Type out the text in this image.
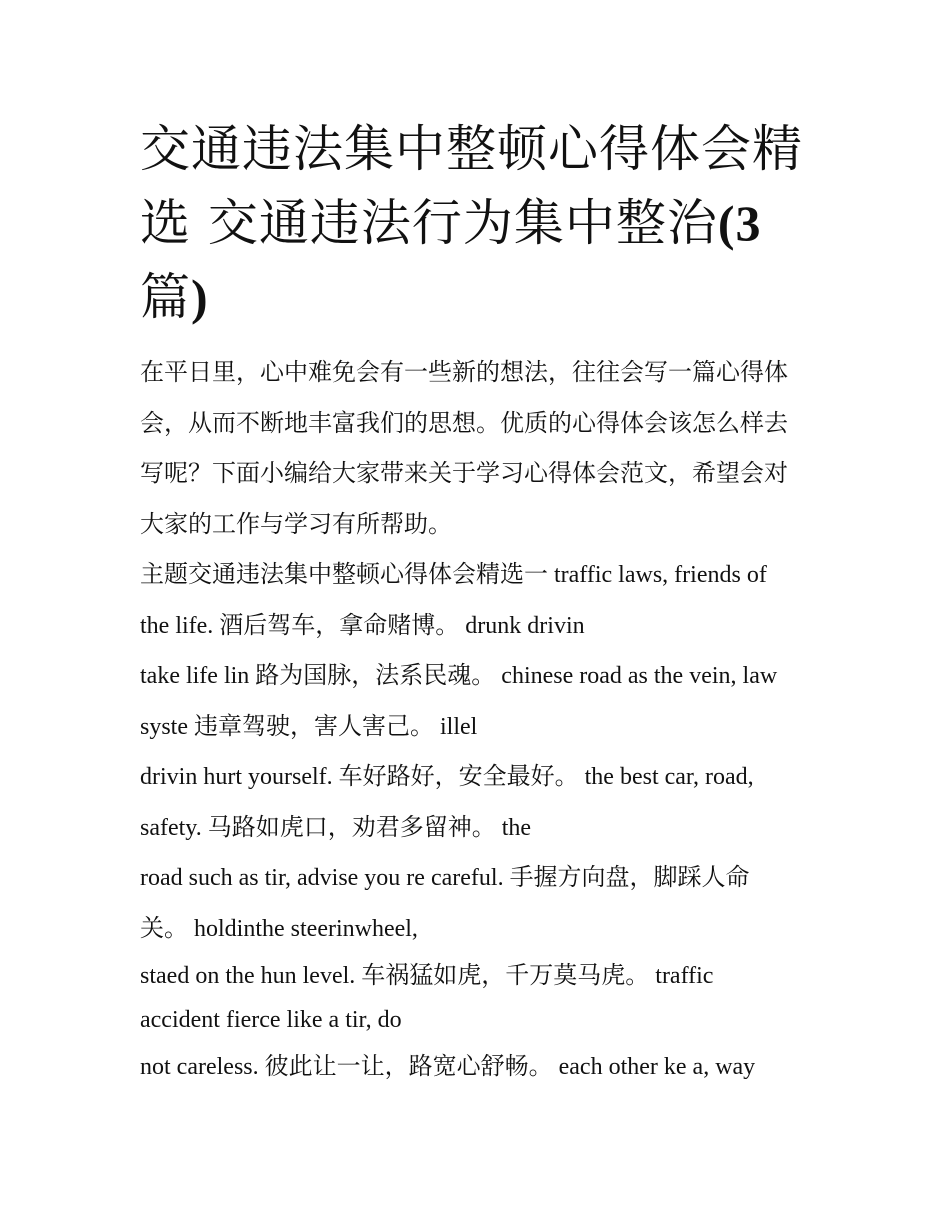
交通违法集中整顿心得体会精
选 交通违法行为集中整治(3
篇)

在平日里，心中难免会有一些新的想法，往往会写一篇心得体
会，从而不断地丰富我们的思想。优质的心得体会该怎么样去
写呢？下面小编给大家带来关于学习心得体会范文，希望会对
大家的工作与学习有所帮助。

主题交通违法集中整顿心得体会精选一 traffic laws, friends of
the life. 酒后驾车，拿命赌博。 drunk drivin

take life lin 路为国脉，法系民魂。 chinese road as the vein, law
syste 违章驾驶，害人害己。 illel

drivin hurt yourself. 车好路好，安全最好。 the best car, road,
safety. 马路如虎口，劝君多留神。 the

road such as tir, advise you re careful. 手握方向盘，脚踩人命
关。 holdinthe steerinwheel,

staed on the hun level. 车祸猛如虎，千万莫马虎。 traffic
accident fierce like a tir, do

not careless. 彼此让一让，路宽心舒畅。 each other ke a, way
